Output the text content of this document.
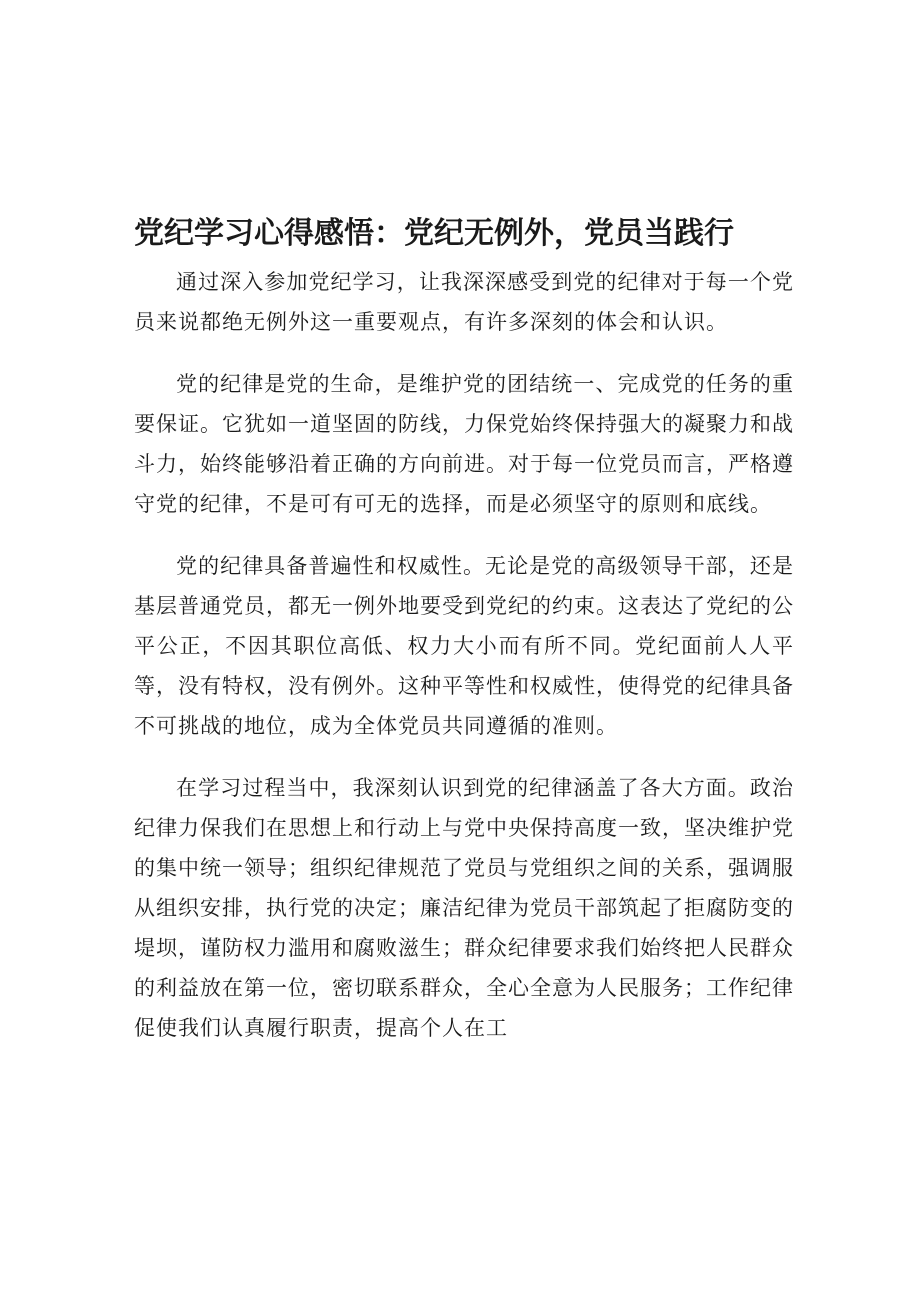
党纪学习心得感悟：党纪无例外，党员当践行

通过深入参加党纪学习，让我深深感受到党的纪律对于每一个党员来说都绝无例外这一重要观点，有许多深刻的体会和认识。

党的纪律是党的生命，是维护党的团结统一、完成党的任务的重要保证。它犹如一道坚固的防线，力保党始终保持强大的凝聚力和战斗力，始终能够沿着正确的方向前进。对于每一位党员而言，严格遵守党的纪律，不是可有可无的选择，而是必须坚守的原则和底线。

党的纪律具备普遍性和权威性。无论是党的高级领导干部，还是基层普通党员，都无一例外地要受到党纪的约束。这表达了党纪的公平公正，不因其职位高低、权力大小而有所不同。党纪面前人人平等，没有特权，没有例外。这种平等性和权威性，使得党的纪律具备不可挑战的地位，成为全体党员共同遵循的准则。

在学习过程当中，我深刻认识到党的纪律涵盖了各大方面。政治纪律力保我们在思想上和行动上与党中央保持高度一致，坚决维护党的集中统一领导；组织纪律规范了党员与党组织之间的关系，强调服从组织安排，执行党的决定；廉洁纪律为党员干部筑起了拒腐防变的堤坝，谨防权力滥用和腐败滋生；群众纪律要求我们始终把人民群众的利益放在第一位，密切联系群众，全心全意为人民服务；工作纪律促使我们认真履行职责，提高个人在工
